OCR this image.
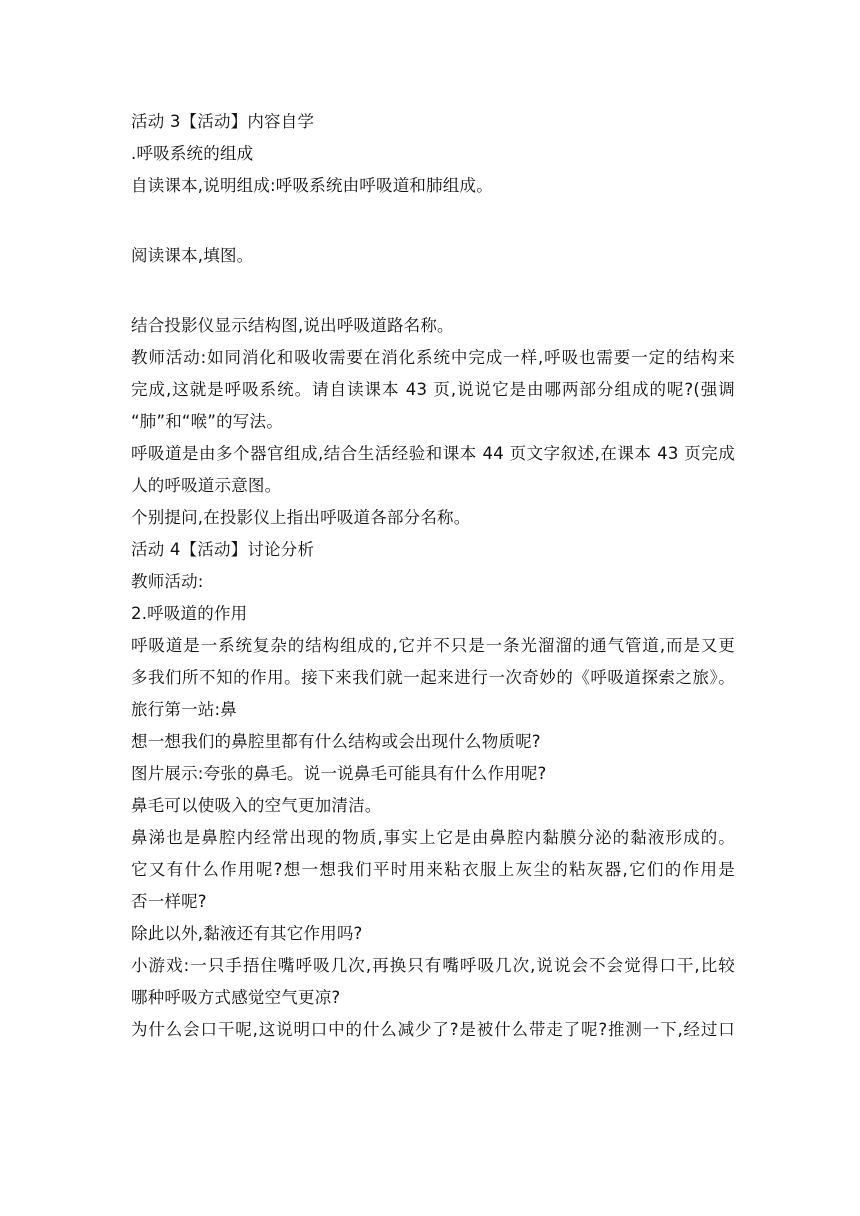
活动 3【活动】内容自学
.呼吸系统的组成
自读课本,说明组成:呼吸系统由呼吸道和肺组成。
阅读课本,填图。
结合投影仪显示结构图,说出呼吸道路名称。
教师活动:如同消化和吸收需要在消化系统中完成一样,呼吸也需要一定的结构来
完成,这就是呼吸系统。请自读课本 43 页,说说它是由哪两部分组成的呢?(强调
“肺”和“喉”的写法。
呼吸道是由多个器官组成,结合生活经验和课本 44 页文字叙述,在课本 43 页完成
人的呼吸道示意图。
个别提问,在投影仪上指出呼吸道各部分名称。
活动 4【活动】讨论分析
教师活动:
2.呼吸道的作用
呼吸道是一系统复杂的结构组成的,它并不只是一条光溜溜的通气管道,而是又更
多我们所不知的作用。接下来我们就一起来进行一次奇妙的《呼吸道探索之旅》。
旅行第一站:鼻
想一想我们的鼻腔里都有什么结构或会出现什么物质呢?
图片展示:夸张的鼻毛。说一说鼻毛可能具有什么作用呢?
鼻毛可以使吸入的空气更加清洁。
鼻涕也是鼻腔内经常出现的物质,事实上它是由鼻腔内黏膜分泌的黏液形成的。
它又有什么作用呢?想一想我们平时用来粘衣服上灰尘的粘灰器,它们的作用是
否一样呢?
除此以外,黏液还有其它作用吗?
小游戏:一只手捂住嘴呼吸几次,再换只有嘴呼吸几次,说说会不会觉得口干,比较
哪种呼吸方式感觉空气更凉?
为什么会口干呢,这说明口中的什么减少了?是被什么带走了呢?推测一下,经过口
